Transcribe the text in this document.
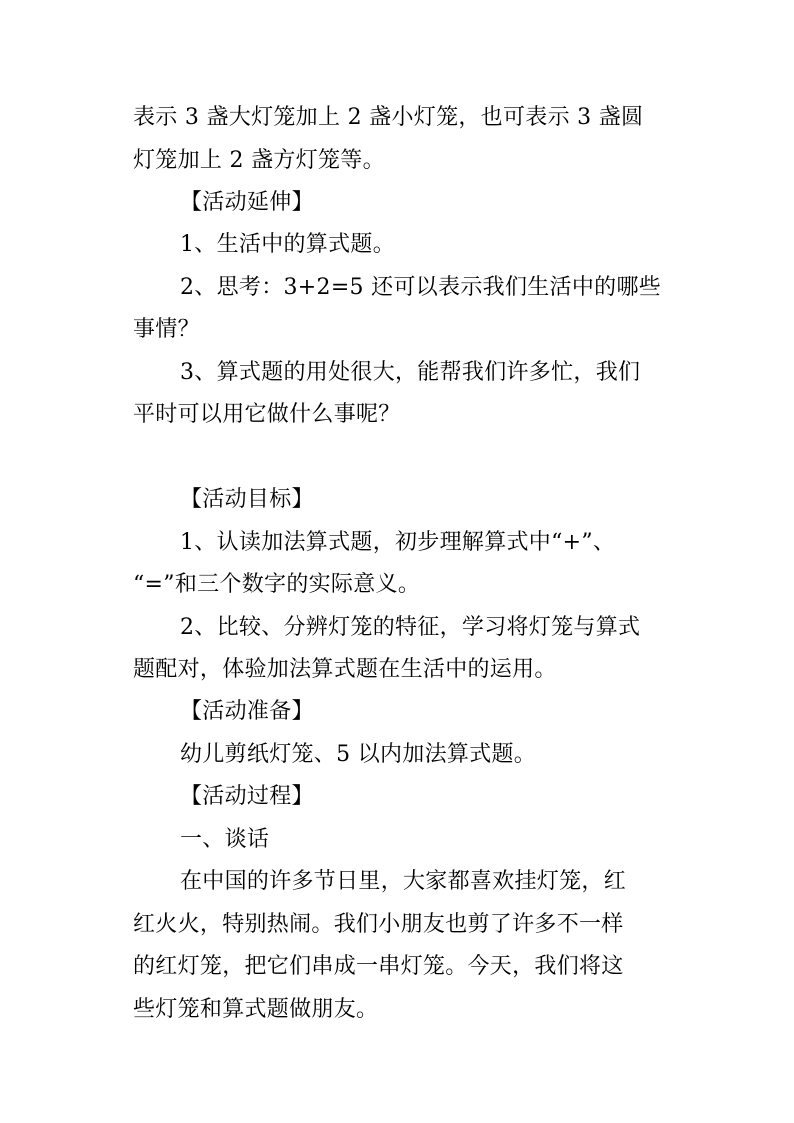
表示 3 盏大灯笼加上 2 盏小灯笼，也可表示 3 盏圆
灯笼加上 2 盏方灯笼等。
【活动延伸】
1、生活中的算式题。
2、思考：3+2=5 还可以表示我们生活中的哪些
事情？
3、算式题的用处很大，能帮我们许多忙，我们
平时可以用它做什么事呢？
【活动目标】
1、认读加法算式题，初步理解算式中“+”、
“=”和三个数字的实际意义。
2、比较、分辨灯笼的特征，学习将灯笼与算式
题配对，体验加法算式题在生活中的运用。
【活动准备】
幼儿剪纸灯笼、5 以内加法算式题。
【活动过程】
一、谈话
在中国的许多节日里，大家都喜欢挂灯笼，红
红火火，特别热闹。我们小朋友也剪了许多不一样
的红灯笼，把它们串成一串灯笼。今天，我们将这
些灯笼和算式题做朋友。
